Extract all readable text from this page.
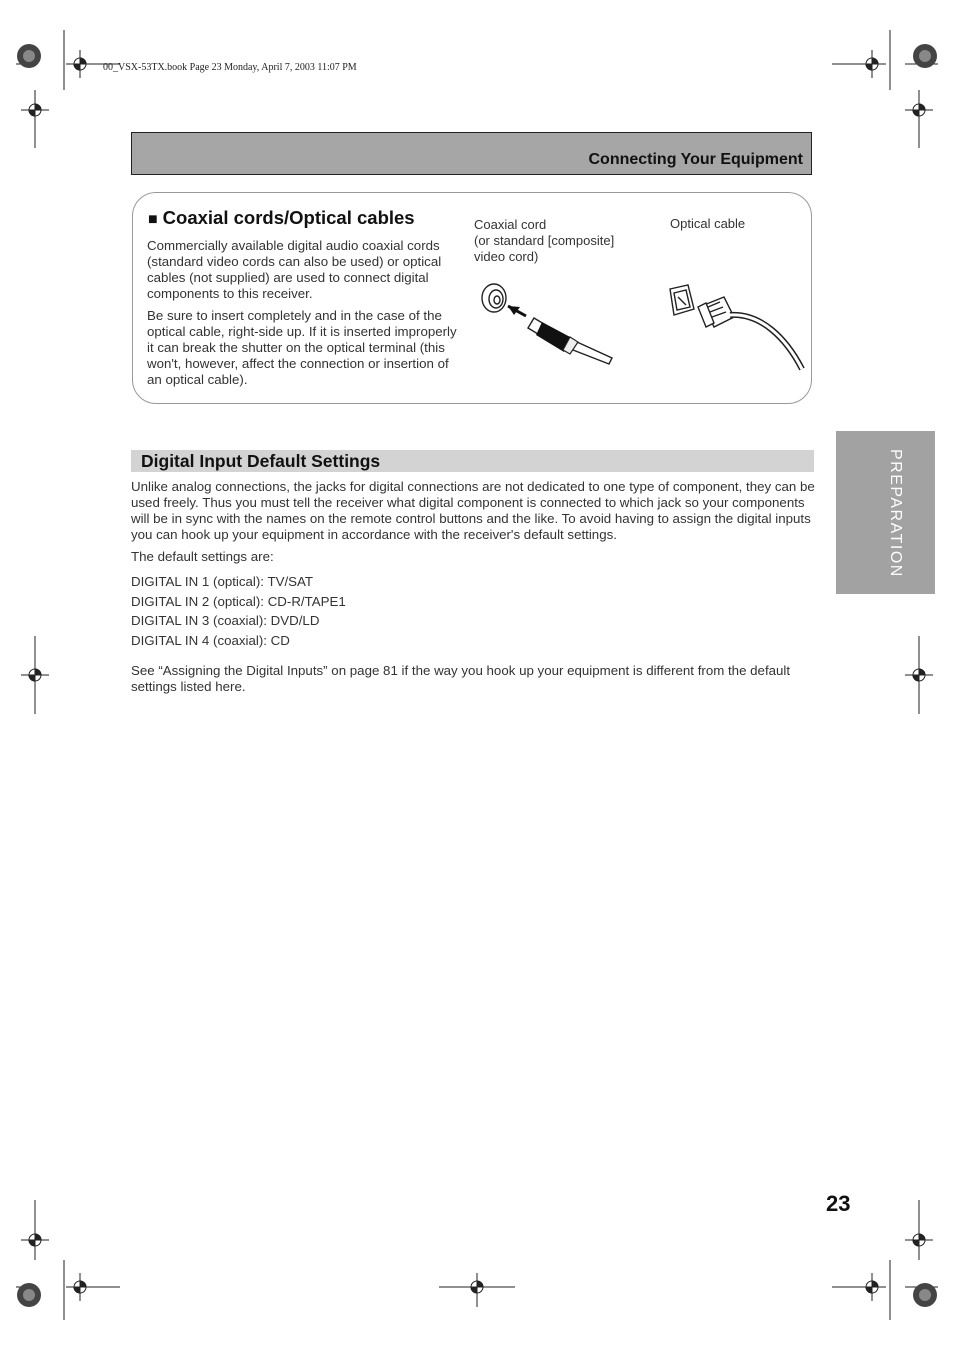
00_VSX-53TX.book Page 23 Monday, April 7, 2003 11:07 PM
Connecting Your Equipment
■ Coaxial cords/Optical cables

Commercially available digital audio coaxial cords (standard video cords can also be used) or optical cables (not supplied) are used to connect digital components to this receiver.

Be sure to insert completely and in the case of the optical cable, right-side up. If it is inserted improperly it can break the shutter on the optical terminal (this won't, however, affect the connection or insertion of an optical cable).

Coaxial cord
(or standard [composite]
video cord)
Optical cable
Digital Input Default Settings
Unlike analog connections, the jacks for digital connections are not dedicated to one type of component, they can be used freely. Thus you must tell the receiver what digital component is connected to which jack so your components will be in sync with the names on the remote control buttons and the like. To avoid having to assign the digital inputs you can hook up your equipment in accordance with the receiver's default settings.
The default settings are:
DIGITAL IN 1 (optical): TV/SAT
DIGITAL IN 2 (optical): CD-R/TAPE1
DIGITAL IN 3 (coaxial): DVD/LD
DIGITAL IN 4 (coaxial): CD
See “Assigning the Digital Inputs” on page 81 if the way you hook up your equipment is different from the default settings listed here.
PREPARATION
23
